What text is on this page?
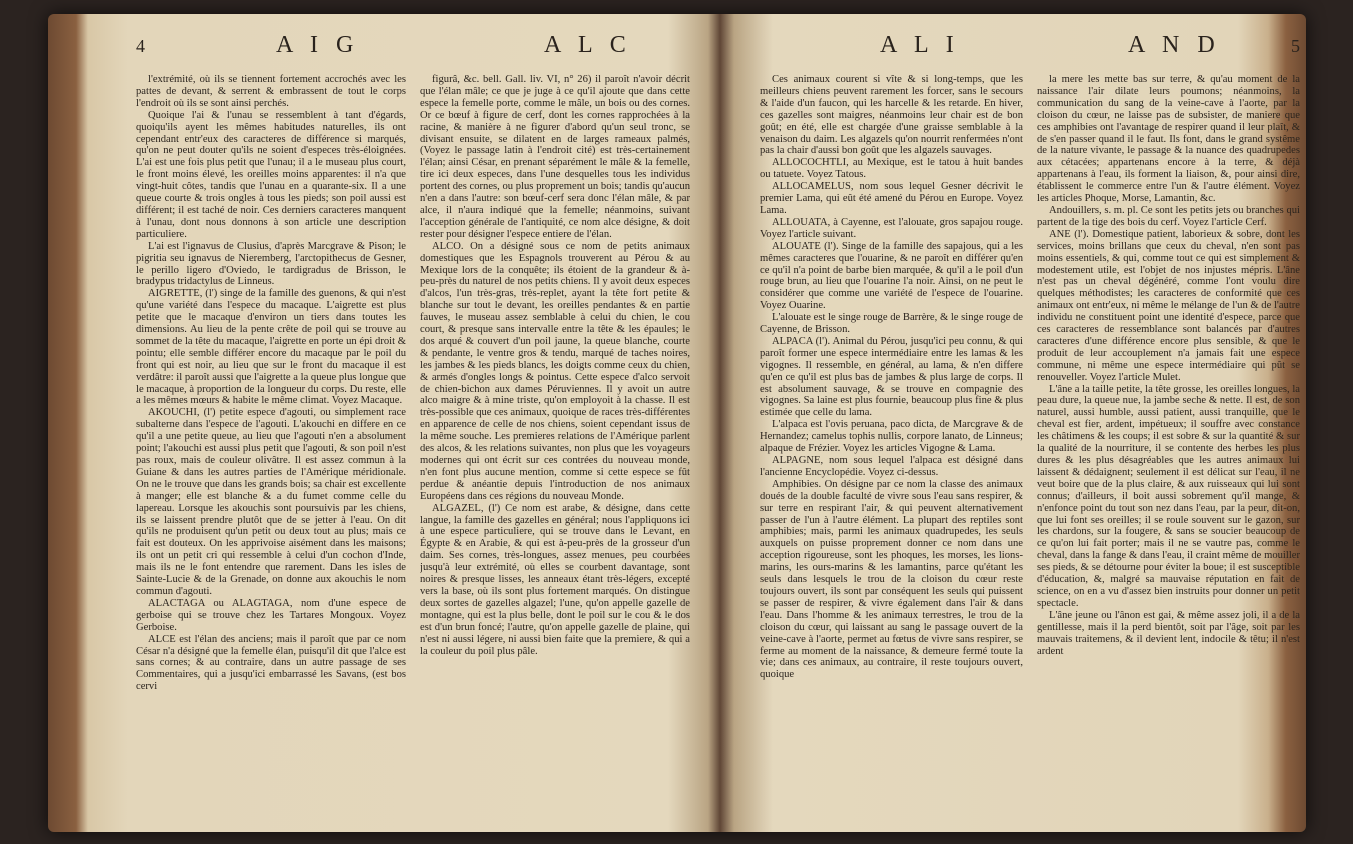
4	A I G	A L C

l'extrémité, où ils se tiennent fortement accrochés avec les pattes de devant, & serrent & embrassent de tout le corps l'endroit où ils se sont ainsi perchés.

Quoique l'ai & l'unau se ressemblent à tant d'égards, quoiqu'ils ayent les mêmes habitudes naturelles, ils ont cependant entr'eux des caracteres de différence si marqués, qu'on ne peut douter qu'ils ne soient d'especes très-éloignées. L'ai est une fois plus petit que l'unau; il a le museau plus court, le front moins élevé, les oreilles moins apparentes: il n'a que vingt-huit côtes, tandis que l'unau en a quarante-six. Il a une queue courte & trois ongles à tous les pieds; son poil aussi est différent; il est taché de noir. Ces derniers caracteres manquent à l'unau, dont nous donnons à son article une description particuliere.

L'ai est l'ignavus de Clusius, d'après Marcgrave & Pison; le pigritia seu ignavus de Nieremberg, l'arctopithecus de Gesner, le perillo ligero d'Oviedo, le tardigradus de Brisson, le bradypus tridactylus de Linneus.

AIGRETTE, (l') singe de la famille des guenons, & qui n'est qu'une variété dans l'espece du macaque. L'aigrette est plus petite que le macaque d'environ un tiers dans toutes les dimensions. Au lieu de la pente crête de poil qui se trouve au sommet de la tête du macaque, l'aigrette en porte un épi droit & pointu; elle semble différer encore du macaque par le poil du front qui est noir, au lieu que sur le front du macaque il est verdâtre: il paroît aussi que l'aigrette a la queue plus longue que le macaque, à proportion de la longueur du corps. Du reste, elle a les mêmes mœurs & habite le même climat. Voyez Macaque.

AKOUCHI, (l') petite espece d'agouti, ou simplement race subalterne dans l'espece de l'agouti. L'akouchi en differe en ce qu'il a une petite queue, au lieu que l'agouti n'en a absolument point; l'akouchi est aussi plus petit que l'agouti, & son poil n'est pas roux, mais de couleur olivâtre. Il est assez commun à la Guiane & dans les autres parties de l'Amérique méridionale. On ne le trouve que dans les grands bois; sa chair est excellente à manger; elle est blanche & a du fumet comme celle du lapereau. Lorsque les akouchis sont poursuivis par les chiens, ils se laissent prendre plutôt que de se jetter à l'eau. On dit qu'ils ne produisent qu'un petit ou deux tout au plus; mais ce fait est douteux. On les apprivoise aisément dans les maisons; ils ont un petit cri qui ressemble à celui d'un cochon d'Inde, mais ils ne le font entendre que rarement. Dans les isles de Sainte-Lucie & de la Grenade, on donne aux akouchis le nom commun d'agouti.

ALACTAGA ou ALAGTAGA, nom d'une espece de gerboise qui se trouve chez les Tartares Mongoux. Voyez Gerboise.

ALCE est l'élan des anciens; mais il paroît que par ce nom César n'a désigné que la femelle élan, puisqu'il dit que l'alce est sans cornes; & au contraire, dans un autre passage de ses Commentaires, qui a jusqu'ici embarrassé les Savans, (est bos cervi

figurâ, &c. bell. Gall. liv. VI, n° 26) il paroît n'avoir décrit que l'élan mâle; ce que je juge à ce qu'il ajoute que dans cette espece la femelle porte, comme le mâle, un bois ou des cornes. Or ce bœuf à figure de cerf, dont les cornes rapprochées à la racine, & manière à ne figurer d'abord qu'un seul tronc, se divisant ensuite, se dilatent en de larges rameaux palmés, (Voyez le passage latin à l'endroit cité) est très-certainement l'élan; ainsi César, en prenant séparément le mâle & la femelle, tire ici deux especes, dans l'une desquelles tous les individus portent des cornes, ou plus proprement un bois; tandis qu'aucun n'en a dans l'autre: son bœuf-cerf sera donc l'élan mâle, & par alce, il n'aura indiqué que la femelle; néanmoins, suivant l'acception générale de l'antiquité, ce nom alce désigne, & doit rester pour désigner l'espece entiere de l'élan.

ALCO. On a désigné sous ce nom de petits animaux domestiques que les Espagnols trouverent au Pérou & au Mexique lors de la conquête; ils étoient de la grandeur & à-peu-près du naturel de nos petits chiens. Il y avoit deux especes d'alcos, l'un très-gras, très-replet, ayant la tête fort petite & blanche sur tout le devant, les oreilles pendantes & en partie fauves, le museau assez semblable à celui du chien, le cou court, & presque sans intervalle entre la tête & les épaules; le dos arqué & couvert d'un poil jaune, la queue blanche, courte & pendante, le ventre gros & tendu, marqué de taches noires, les jambes & les pieds blancs, les doigts comme ceux du chien, & armés d'ongles longs & pointus. Cette espece d'alco servoit de chien-bichon aux dames Péruviennes. Il y avoit un autre alco maigre & à mine triste, qu'on employoit à la chasse. Il est très-possible que ces animaux, quoique de races très-différentes en apparence de celle de nos chiens, soient cependant issus de la même souche. Les premieres relations de l'Amérique parlent des alcos, & les relations suivantes, non plus que les voyageurs modernes qui ont écrit sur ces contrées du nouveau monde, n'en font plus aucune mention, comme si cette espece se fût perdue & anéantie depuis l'introduction de nos animaux Européens dans ces régions du nouveau Monde.

ALGAZEL, (l') Ce nom est arabe, & désigne, dans cette langue, la famille des gazelles en général; nous l'appliquons ici à une espece particuliere, qui se trouve dans le Levant, en Égypte & en Arabie, & qui est à-peu-près de la grosseur d'un daim. Ses cornes, très-longues, assez menues, peu courbées jusqu'à leur extrémité, où elles se courbent davantage, sont noires & presque lisses, les anneaux étant très-légers, excepté vers la base, où ils sont plus fortement marqués. On distingue deux sortes de gazelles algazel; l'une, qu'on appelle gazelle de montagne, qui est la plus belle, dont le poil sur le cou & le dos est d'un brun foncé; l'autre, qu'on appelle gazelle de plaine, qui n'est ni aussi légere, ni aussi bien faite que la premiere, & qui a la couleur du poil plus pâle.

A L I	A N D	5

Ces animaux courent si vîte & si long-temps, que les meilleurs chiens peuvent rarement les forcer, sans le secours & l'aide d'un faucon, qui les harcelle & les retarde. En hiver, ces gazelles sont maigres, néanmoins leur chair est de bon goût; en été, elle est chargée d'une graisse semblable à la venaison du daim. Les algazels qu'on nourrit renfermées n'ont pas la chair d'aussi bon goût que les algazels sauvages.

ALLOCOCHTLI, au Mexique, est le tatou à huit bandes ou tatuete. Voyez Tatous.

ALLOCAMELUS, nom sous lequel Gesner décrivit le premier Lama, qui eût été amené du Pérou en Europe. Voyez Lama.

ALLOUATA, à Cayenne, est l'alouate, gros sapajou rouge. Voyez l'article suivant.

ALOUATE (l'). Singe de la famille des sapajous, qui a les mêmes caracteres que l'ouarine, & ne paroît en différer qu'en ce qu'il n'a point de barbe bien marquée, & qu'il a le poil d'un rouge brun, au lieu que l'ouarine l'a noir. Ainsi, on ne peut le considérer que comme une variété de l'espece de l'ouarine. Voyez Ouarine.

L'alouate est le singe rouge de Barrère, & le singe rouge de Cayenne, de Brisson.

ALPACA (l'). Animal du Pérou, jusqu'ici peu connu, & qui paroît former une espece intermédiaire entre les lamas & les vigognes. Il ressemble, en général, au lama, & n'en differe qu'en ce qu'il est plus bas de jambes & plus large de corps. Il est absolument sauvage, & se trouve en compagnie des vigognes. Sa laine est plus fournie, beaucoup plus fine & plus estimée que celle du lama.

L'alpaca est l'ovis peruana, paco dicta, de Marcgrave & de Hernandez; camelus tophis nullis, corpore lanato, de Linneus; alpaque de Frézier. Voyez les articles Vigogne & Lama.

ALPAGNE, nom sous lequel l'alpaca est désigné dans l'ancienne Encyclopédie. Voyez ci-dessus.

Amphibies. On désigne par ce nom la classe des animaux doués de la double faculté de vivre sous l'eau sans respirer, & sur terre en respirant l'air, & qui peuvent alternativement passer de l'un à l'autre élément. La plupart des reptiles sont amphibies; mais, parmi les animaux quadrupedes, les seuls auxquels on puisse proprement donner ce nom dans une acception rigoureuse, sont les phoques, les morses, les lions-marins, les ours-marins & les lamantins, parce qu'étant les seuls dans lesquels le trou de la cloison du cœur reste toujours ouvert, ils sont par conséquent les seuls qui puissent se passer de respirer, & vivre également dans l'air & dans l'eau. Dans l'homme & les animaux terrestres, le trou de la cloison du cœur, qui laissant au sang le passage ouvert de la veine-cave à l'aorte, permet au fœtus de vivre sans respirer, se ferme au moment de la naissance, & demeure fermé toute la vie; dans ces animaux, au contraire, il reste toujours ouvert, quoique

la mere les mette bas sur terre, & qu'au moment de la naissance l'air dilate leurs poumons; néanmoins, la communication du sang de la veine-cave à l'aorte, par la cloison du cœur, ne laisse pas de subsister, de maniere que ces amphibies ont l'avantage de respirer quand il leur plaît, & de s'en passer quand il le faut. Ils font, dans le grand systême de la nature vivante, le passage & la nuance des quadrupedes aux cétacées; appartenans encore à la terre, & déjà appartenans à l'eau, ils forment la liaison, &, pour ainsi dire, établissent le commerce entre l'un & l'autre élément. Voyez les articles Phoque, Morse, Lamantin, &c.

Andouillers, s. m. pl. Ce sont les petits jets ou branches qui partent de la tige des bois du cerf. Voyez l'article Cerf.

ANE (l'). Domestique patient, laborieux & sobre, dont les services, moins brillans que ceux du cheval, n'en sont pas moins essentiels, & qui, comme tout ce qui est simplement & modestement utile, est l'objet de nos injustes mépris. L'âne n'est pas un cheval dégénéré, comme l'ont voulu dire quelques méthodistes; les caracteres de conformité que ces animaux ont entr'eux, ni même le mélange de l'un & de l'autre individu ne constituent point une identité d'espece, parce que ces caracteres de ressemblance sont balancés par d'autres caracteres d'une différence encore plus sensible, & que le produit de leur accouplement n'a jamais fait une espece commune, ni même une espece intermédiaire qui pût se renouveller. Voyez l'article Mulet.

L'âne a la taille petite, la tête grosse, les oreilles longues, la peau dure, la queue nue, la jambe seche & nette. Il est, de son naturel, aussi humble, aussi patient, aussi tranquille, que le cheval est fier, ardent, impétueux; il souffre avec constance les châtimens & les coups; il est sobre & sur la quantité & sur la qualité de la nourriture, il se contente des herbes les plus dures & les plus désagréables que les autres animaux lui laissent & dédaignent; seulement il est délicat sur l'eau, il ne veut boire que de la plus claire, & aux ruisseaux qui lui sont connus; d'ailleurs, il boit aussi sobrement qu'il mange, & n'enfonce point du tout son nez dans l'eau, par la peur, dit-on, que lui font ses oreilles; il se roule souvent sur le gazon, sur les chardons, sur la fougere, & sans se soucier beaucoup de ce qu'on lui fait porter; mais il ne se vautre pas, comme le cheval, dans la fange & dans l'eau, il craint même de mouiller ses pieds, & se détourne pour éviter la boue; il est susceptible d'éducation, &, malgré sa mauvaise réputation en fait de science, on en a vu d'assez bien instruits pour donner un petit spectacle.

L'âne jeune ou l'ânon est gai, & même assez joli, il a de la gentillesse, mais il la perd bientôt, soit par l'âge, soit par les mauvais traitemens, & il devient lent, indocile & têtu; il n'est ardent
